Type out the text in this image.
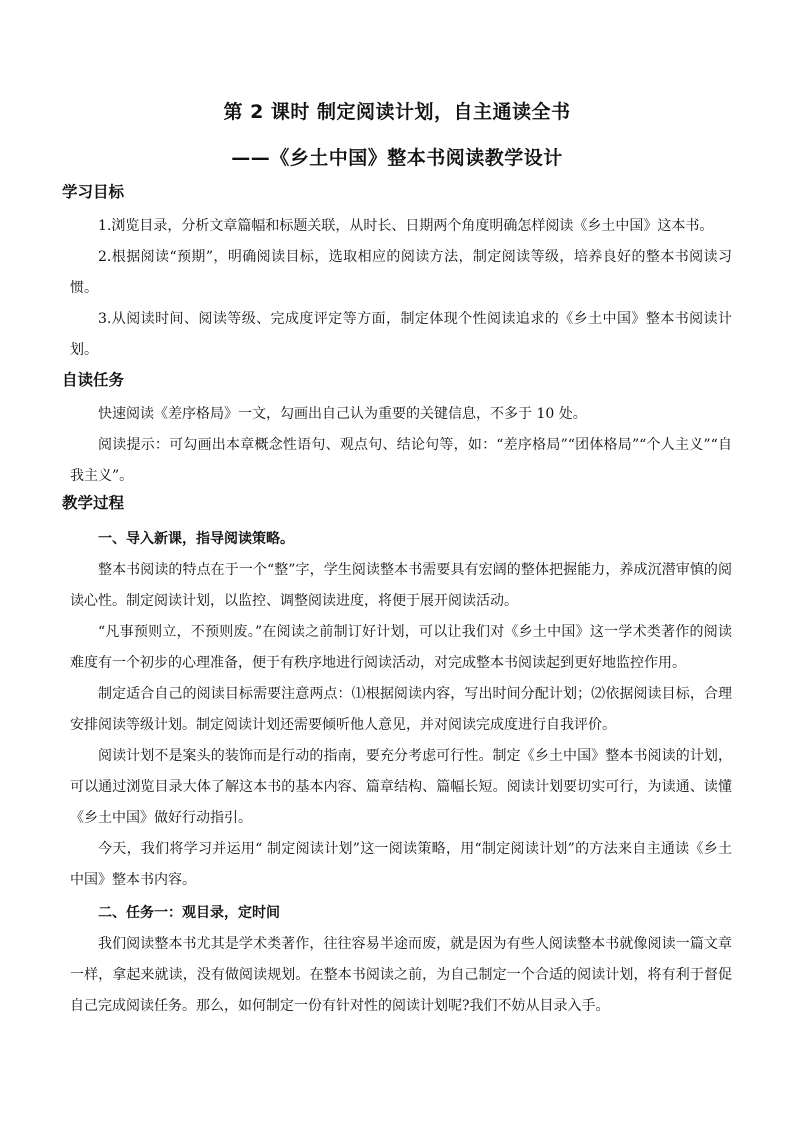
第 2 课时 制定阅读计划，自主通读全书
——《乡土中国》整本书阅读教学设计
学习目标
1.浏览目录，分析文章篇幅和标题关联，从时长、日期两个角度明确怎样阅读《乡土中国》这本书。
2.根据阅读“预期”，明确阅读目标，选取相应的阅读方法，制定阅读等级，培养良好的整本书阅读习惯。
3.从阅读时间、阅读等级、完成度评定等方面，制定体现个性阅读追求的《乡土中国》整本书阅读计划。
自读任务
快速阅读《差序格局》一文，勾画出自己认为重要的关键信息，不多于 10 处。
阅读提示：可勾画出本章概念性语句、观点句、结论句等，如：“差序格局”“团体格局”“个人主义”“自我主义”。
教学过程
一、导入新课，指导阅读策略。
整本书阅读的特点在于一个“整”字，学生阅读整本书需要具有宏阔的整体把握能力，养成沉潜审慎的阅读心性。制定阅读计划，以监控、调整阅读进度，将便于展开阅读活动。
“凡事预则立，不预则废。”在阅读之前制订好计划，可以让我们对《乡土中国》这一学术类著作的阅读难度有一个初步的心理准备，便于有秩序地进行阅读活动，对完成整本书阅读起到更好地监控作用。
制定适合自己的阅读目标需要注意两点：⑴根据阅读内容，写出时间分配计划；⑵依据阅读目标，合理安排阅读等级计划。制定阅读计划还需要倾听他人意见，并对阅读完成度进行自我评价。
阅读计划不是案头的装饰而是行动的指南，要充分考虑可行性。制定《乡土中国》整本书阅读的计划，可以通过浏览目录大体了解这本书的基本内容、篇章结构、篇幅长短。阅读计划要切实可行，为读通、读懂《乡土中国》做好行动指引。
今天，我们将学习并运用“ 制定阅读计划”这一阅读策略，用“制定阅读计划”的方法来自主通读《乡土中国》整本书内容。
二、任务一：观目录，定时间
我们阅读整本书尤其是学术类著作，往往容易半途而废，就是因为有些人阅读整本书就像阅读一篇文章一样，拿起来就读，没有做阅读规划。在整本书阅读之前，为自己制定一个合适的阅读计划，将有利于督促自己完成阅读任务。那么，如何制定一份有针对性的阅读计划呢?我们不妨从目录入手。
